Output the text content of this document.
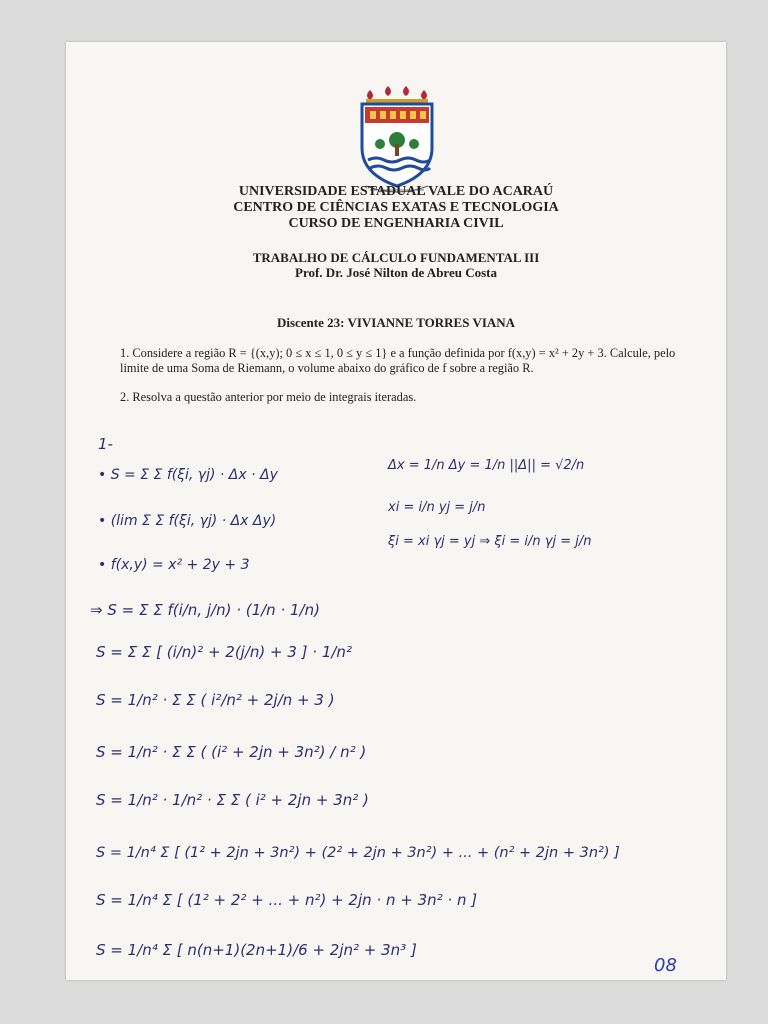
UNIVERSIDADE ESTADUAL VALE DO ACARAÚ
CENTRO DE CIÊNCIAS EXATAS E TECNOLOGIA
CURSO DE ENGENHARIA CIVIL
TRABALHO DE CÁLCULO FUNDAMENTAL III
Prof. Dr. José Nilton de Abreu Costa
Discente 23: VIVIANNE TORRES VIANA
1. Considere a região R = {(x,y); 0 ≤ x ≤ 1, 0 ≤ y ≤ 1} e a função definida por f(x,y) = x² + 2y + 3. Calcule, pelo limite de uma Soma de Riemann, o volume abaixo do gráfico de f sobre a região R.
2. Resolva a questão anterior por meio de integrais iteradas.
1-
• S = Σ Σ f(ξi, γj) · Δx · Δy
• (lim Σ Σ f(ξi, γj) · Δx Δy)
• f(x,y) = x² + 2y + 3
⇒ S = Σ Σ f(i/n, j/n) · (1/n · 1/n)
S = Σ Σ [ (i/n)² + 2(j/n) + 3 ] · 1/n²
S = 1/n² · Σ Σ ( i²/n² + 2j/n + 3 )
S = 1/n² · Σ Σ ( (i² + 2jn + 3n²) / n² )
S = 1/n² · 1/n² · Σ Σ ( i² + 2jn + 3n² )
S = 1/n⁴ Σ [ (1² + 2jn + 3n²) + (2² + 2jn + 3n²) + ... + (n² + 2jn + 3n²) ]
S = 1/n⁴ Σ [ (1² + 2² + ... + n²) + 2jn · n + 3n² · n ]
S = 1/n⁴ Σ [ n(n+1)(2n+1)/6 + 2jn² + 3n³ ]
Δx = 1/n Δy = 1/n ||Δ|| = √2/n
xi = i/n yj = j/n
ξi = xi γj = yj ⇒ ξi = i/n γj = j/n
08
